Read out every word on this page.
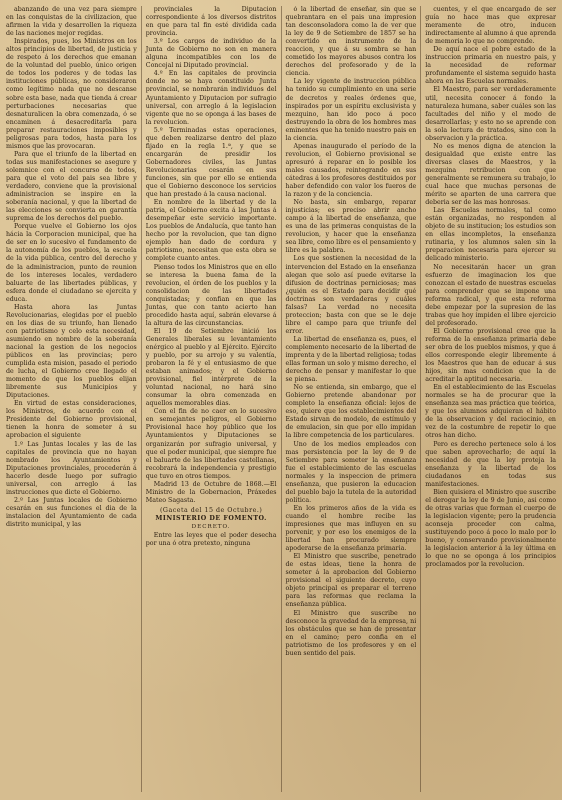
abanzando de una vez para siempre en las conquistas de la civilizacion, que afirmen la vida y desarrollen la riqueza de las naciones mejor regidas.

Inspirados, pues, los Ministros en los altos principios de libertad, de justicia y de respeto á los derechos que emanan de la voluntad del pueblo, único origen de todos los poderes y de todas las instituciones públicas, no consideraron como legítimo nada que no descanse sobre esta base, nada que tienda á crear perturbaciones necesarias que desnaturalicen la obra comenzada, ó se encaminen á desacreditarla para preparar restauraciones imposibles y peligrosas para todos, hasta para los mismos que las provocaran.

Para que el triunfo de la libertad en todas sus manifestaciones se asegure y solemnice con el concurso de todos, para que el voto del pais sea libre y verdadero, conviene que la provisional administracion se inspire en la soberanía nacional, y que la libertad de las elecciones se convierta en garantía suprema de los derechos del pueblo.

Porque vuelve el Gobierno los ojos hácia la Corporacion municipal, que ha de ser en lo sucesivo el fundamento de la autonomía de los pueblos, la escuela de la vida pública, centro del derecho y de la administracion, punto de reunion de los intereses locales, verdadero baluarte de las libertades públicas, y esfera donde el ciudadano se ejercita y educa.

Hasta ahora las Juntas Revolucionarias, elegidas por el pueblo en los dias de su triunfo, han llenado con patriotismo y celo esta necesidad, asumiendo en nombre de la soberanía nacional la gestion de los negocios públicos en las provincias; pero cumplida esta mision, pasado el periodo de lucha, el Gobierno cree llegado el momento de que los pueblos elijan libremente sus Municipios y Diputaciones.

En virtud de estas consideraciones, los Ministros, de acuerdo con el Presidente del Gobierno provisional, tienen la honra de someter á su aprobacion el siguiente

1.º Las Juntas locales y las de las capitales de provincia que no hayan nombrado los Ayuntamientos y Diputaciones provinciales, procederán á hacerlo desde luego por sufragio universal, con arreglo á las instrucciones que dicte el Gobierno.

2.º Las Juntas locales de Gobierno cesarán en sus funciones el dia de la instalacion del Ayuntamiento de cada distrito municipal, y las

provinciales la Diputacion correspondiente á los diversos distritos en que para tal fin esté dividida cada provincia.

3.º Los cargos de individuo de la Junta de Gobierno no son en manera alguna incompatibles con los de Concejal ni Diputado provincial.

4.º En las capitales de provincia donde no se haya constituido Junta provincial, se nombrarán individuos del Ayuntamiento y Diputacion por sufragio universal, con arreglo á la legislacion vigente que no se oponga á las bases de la revolucion.

5.º Terminadas estas operaciones, que deben realizarse dentro del plazo fijado en la regla 1.ª, y que se encargarán de presidir los Gobernadores civiles, las Juntas Revolucionarias cesarán en sus funciones, sin que por ello se entienda que el Gobierno desconoce los servicios que han prestado á la causa nacional.

En nombre de la libertad y de la patria, el Gobierno excita á las Juntas á desempeñar este servicio importante. Los pueblos de Andalucía, que tanto han hecho por la revolucion, que tan digno ejemplo han dado de cordura y patriotismo, necesitan que esta obra se complete cuanto antes.

Pienso todos los Ministros que en ello se interesa la buena fama de la revolucion, el órden de los pueblos y la consolidacion de las libertades conquistadas; y confian en que las Juntas, que con tanto acierto han procedido hasta aquí, sabrán elevarse á la altura de las circunstancias.

El 19 de Setiembre inició los Generales liberales su levantamiento enérgico al pueblo y al Ejército. Ejército y pueblo, por su arrojo y su valentía, probaron la fé y el entusiasmo de que estaban animados; y el Gobierno provisional, fiel intérprete de la voluntad nacional, no hará sino consumar la obra comenzada en aquellos memorables dias.

Con el fin de no caer en lo sucesivo en semejantes peligros, el Gobierno Provisional hace hoy público que los Ayuntamientos y Diputaciones se organizarán por sufragio universal, y que el poder municipal, que siempre fue el baluarte de las libertades castellanas, recobrará la independencia y prestigio que tuvo en otros tiempos.

Madrid 13 de Octubre de 1868.—El Ministro de la Gobernacion, Práxedes Mateo Sagasta.

(Gaceta del 15 de Octubre.)
MINISTERIO DE FOMENTO.
DECRETO.

Entre las leyes que el poder desecha por una ó otra pretexto, ninguna

ó la libertad de enseñar, sin que se quebrantara en el pais una impresion tan desconsoladora como la de ver que la ley de 9 de Setiembre de 1857 se ha convertido en instrumento de la reaccion, y que á su sombra se han cometido los mayores abusos contra los derechos del profesorado y de la ciencia.

La ley vigente de instruccion pública ha tenido su cumplimiento en una serie de decretos y reales órdenes que, inspirados por un espíritu exclusivista y mezquino, han ido poco á poco destruyendo la obra de los hombres mas eminentes que ha tenido nuestro pais en la ciencia.

Apenas inaugurado el período de la revolucion, el Gobierno provisional se apresuró á reparar en lo posible los males causados, reintegrando en sus cátedras á los profesores destituidos por haber defendido con valor los fueros de la razon y de la conciencia.

No basta, sin embargo, reparar injusticias; es preciso abrir ancho campo á la libertad de enseñanza, que es una de las primeras conquistas de la revolucion, y hacer que la enseñanza sea libre, como libre es el pensamiento y libre es la palabra.

Los que sostienen la necesidad de la intervencion del Estado en la enseñanza alegan que solo así puede evitarse la difusion de doctrinas perniciosas; mas ¿quién es el Estado para decidir qué doctrinas son verdaderas y cuáles falsas? La verdad no necesita proteccion; basta con que se le deje libre el campo para que triunfe del error.

La libertad de enseñanza es, pues, el complemento necesario de la libertad de imprenta y de la libertad religiosa; todas ellas forman un solo y mismo derecho, el derecho de pensar y manifestar lo que se piensa.

No se entienda, sin embargo, que el Gobierno pretende abandonar por completo la enseñanza oficial: lejos de eso, quiere que los establecimientos del Estado sirvan de modelo, de estímulo y de emulacion, sin que por ello impidan la libre competencia de los particulares.

Uno de los medios empleados con mas persistencia por la ley de 9 de Setiembre para someter la enseñanza fue el establecimiento de las escuelas normales y la inspeccion de primera enseñanza, que pusieron la educacion del pueblo bajo la tutela de la autoridad política.

En los primeros años de la vida es cuando el hombre recibe las impresiones que mas influyen en su porvenir, y por eso los enemigos de la libertad han procurado siempre apoderarse de la enseñanza primaria.

El Ministro que suscribe, penetrado de estas ideas, tiene la honra de someter á la aprobacion del Gobierno provisional el siguiente decreto, cuyo objeto principal es preparar el terreno para las reformas que reclama la enseñanza pública.

El Ministro que suscribe no desconoce la gravedad de la empresa, ni los obstáculos que se han de presentar en el camino; pero confia en el patriotismo de los profesores y en el buen sentido del pais.

cuentes, y el que encargado de ser guía no hace mas que expresar meramente de otro, inducen indirectamente al alumno á que aprenda de memoria lo que no comprende.

De aquí nace el pobre estado de la instruccion primaria en nuestro pais, y la necesidad de reformar profundamente el sistema seguido hasta ahora en las Escuelas normales.

El Maestro, para ser verdaderamente util, necesita conocer á fondo la naturaleza humana, saber cuáles son las facultades del niño y el modo de desarrollarlas; y esto no se aprende con la sola lectura de tratados, sino con la observacion y la práctica.

No es menos digna de atencion la desigualdad que existe entre las diversas clases de Maestros, y la mezquina retribucion con que generalmente se remunera su trabajo, lo cual hace que muchas personas de mérito se aparten de una carrera que deberia ser de las mas honrosas.

Las Escuelas normales, tal como están organizadas, no responden al objeto de su institucion; los estudios son en ellas incompletos, la enseñanza rutinaria, y los alumnos salen sin la preparacion necesaria para ejercer su delicado ministerio.

No necesitarán hacer un gran esfuerzo de imaginacion los que conozcan el estado de nuestras escuelas para comprender que se impone una reforma radical, y que esta reforma debe empezar por la supresion de las trabas que hoy impiden el libre ejercicio del profesorado.

El Gobierno provisional cree que la reforma de la enseñanza primaria debe ser obra de los pueblos mismos, y que á ellos corresponde elegir libremente á los Maestros que han de educar á sus hijos, sin mas condicion que la de acreditar la aptitud necesaria.

En el establecimiento de las Escuelas normales se ha de procurar que la enseñanza sea mas práctica que teórica, y que los alumnos adquieran el hábito de la observacion y del raciocinio, en vez de la costumbre de repetir lo que otros han dicho.

Pero es derecho pertenece solo á los que saben aprovecharlo; de aquí la necesidad de que la ley proteja la enseñanza y la libertad de los ciudadanos en todas sus manifestaciones.

Bien quisiera el Ministro que suscribe el derogar la ley de 9 de Junio, asi como de otras varias que forman el cuerpo de la legislacion vigente; pero la prudencia aconseja proceder con calma, sustituyendo poco á poco lo malo por lo bueno, y conservando provisionalmente la legislacion anterior á la ley última en lo que no se oponga á los principios proclamados por la revolucion.
